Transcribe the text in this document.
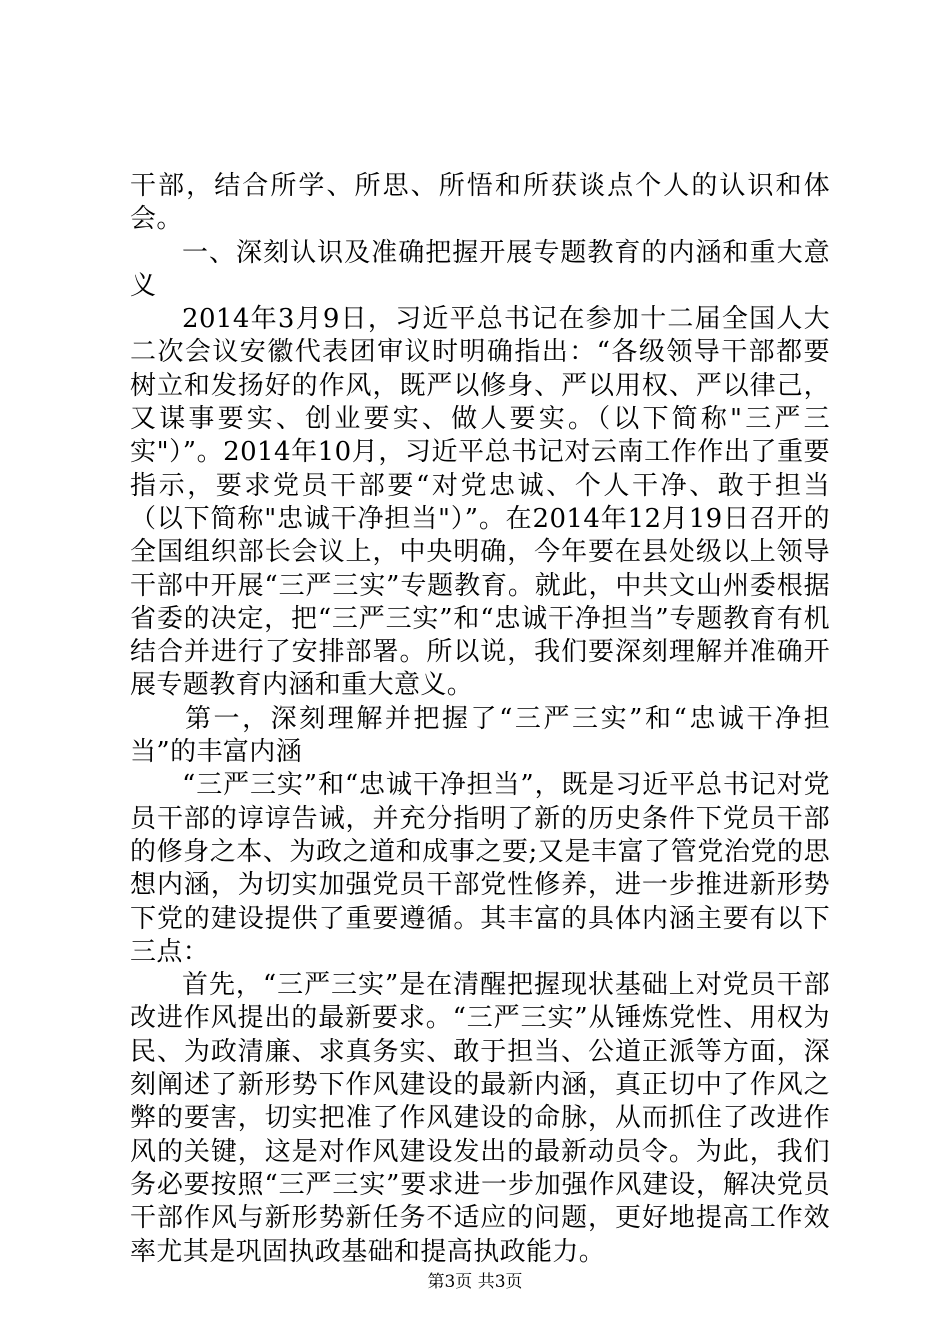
干部，结合所学、所思、所悟和所获谈点个人的认识和体会。

一、深刻认识及准确把握开展专题教育的内涵和重大意义

2014年3月9日，习近平总书记在参加十二届全国人大二次会议安徽代表团审议时明确指出：“各级领导干部都要树立和发扬好的作风，既严以修身、严以用权、严以律己，又谋事要实、创业要实、做人要实。（以下简称"三严三实"）”。2014年10月，习近平总书记对云南工作作出了重要指示，要求党员干部要“对党忠诚、个人干净、敢于担当（以下简称"忠诚干净担当"）”。在2014年12月19日召开的全国组织部长会议上，中央明确，今年要在县处级以上领导干部中开展“三严三实”专题教育。就此，中共文山州委根据省委的决定，把“三严三实”和“忠诚干净担当”专题教育有机结合并进行了安排部署。所以说，我们要深刻理解并准确开展专题教育内涵和重大意义。

第一，深刻理解并把握了“三严三实”和“忠诚干净担当”的丰富内涵

“三严三实”和“忠诚干净担当”，既是习近平总书记对党员干部的谆谆告诫，并充分指明了新的历史条件下党员干部的修身之本、为政之道和成事之要;又是丰富了管党治党的思想内涵，为切实加强党员干部党性修养，进一步推进新形势下党的建设提供了重要遵循。其丰富的具体内涵主要有以下三点：

首先，“三严三实”是在清醒把握现状基础上对党员干部改进作风提出的最新要求。“三严三实”从锤炼党性、用权为民、为政清廉、求真务实、敢于担当、公道正派等方面，深刻阐述了新形势下作风建设的最新内涵，真正切中了作风之弊的要害，切实把准了作风建设的命脉，从而抓住了改进作风的关键，这是对作风建设发出的最新动员令。为此，我们务必要按照“三严三实”要求进一步加强作风建设，解决党员干部作风与新形势新任务不适应的问题，更好地提高工作效率尤其是巩固执政基础和提高执政能力。

第3页 共3页
